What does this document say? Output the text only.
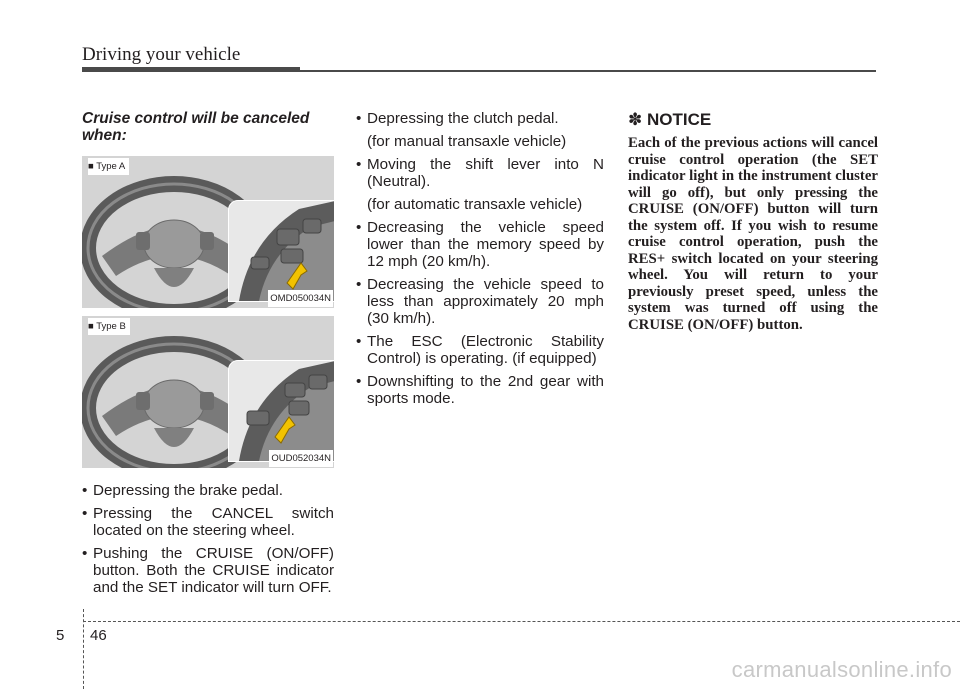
Driving your vehicle

Cruise control will be canceled when:

■ Type A
OMD050034N
■ Type B
OUD052034N
• Depressing the brake pedal.
• Pressing the CANCEL switch located on the steering wheel.
• Pushing the CRUISE (ON/OFF) button. Both the CRUISE indicator and the SET indicator will turn OFF.
• Depressing the clutch pedal.
(for manual transaxle vehicle)
• Moving the shift lever into N (Neutral).
(for automatic transaxle vehicle)
• Decreasing the vehicle speed lower than the memory speed by 12 mph (20 km/h).
• Decreasing the vehicle speed to less than approximately 20 mph (30 km/h).
• The ESC (Electronic Stability Control) is operating. (if equipped)
• Downshifting to the 2nd gear with sports mode.

✽ NOTICE

Each of the previous actions will cancel cruise control operation (the SET indicator light in the instrument cluster will go off), but only pressing the CRUISE (ON/OFF) button will turn the system off. If you wish to resume cruise control operation, push the RES+ switch located on your steering wheel. You will return to your previously preset speed, unless the system was turned off using the CRUISE (ON/OFF) button.

5 46
carmanualsonline.info
